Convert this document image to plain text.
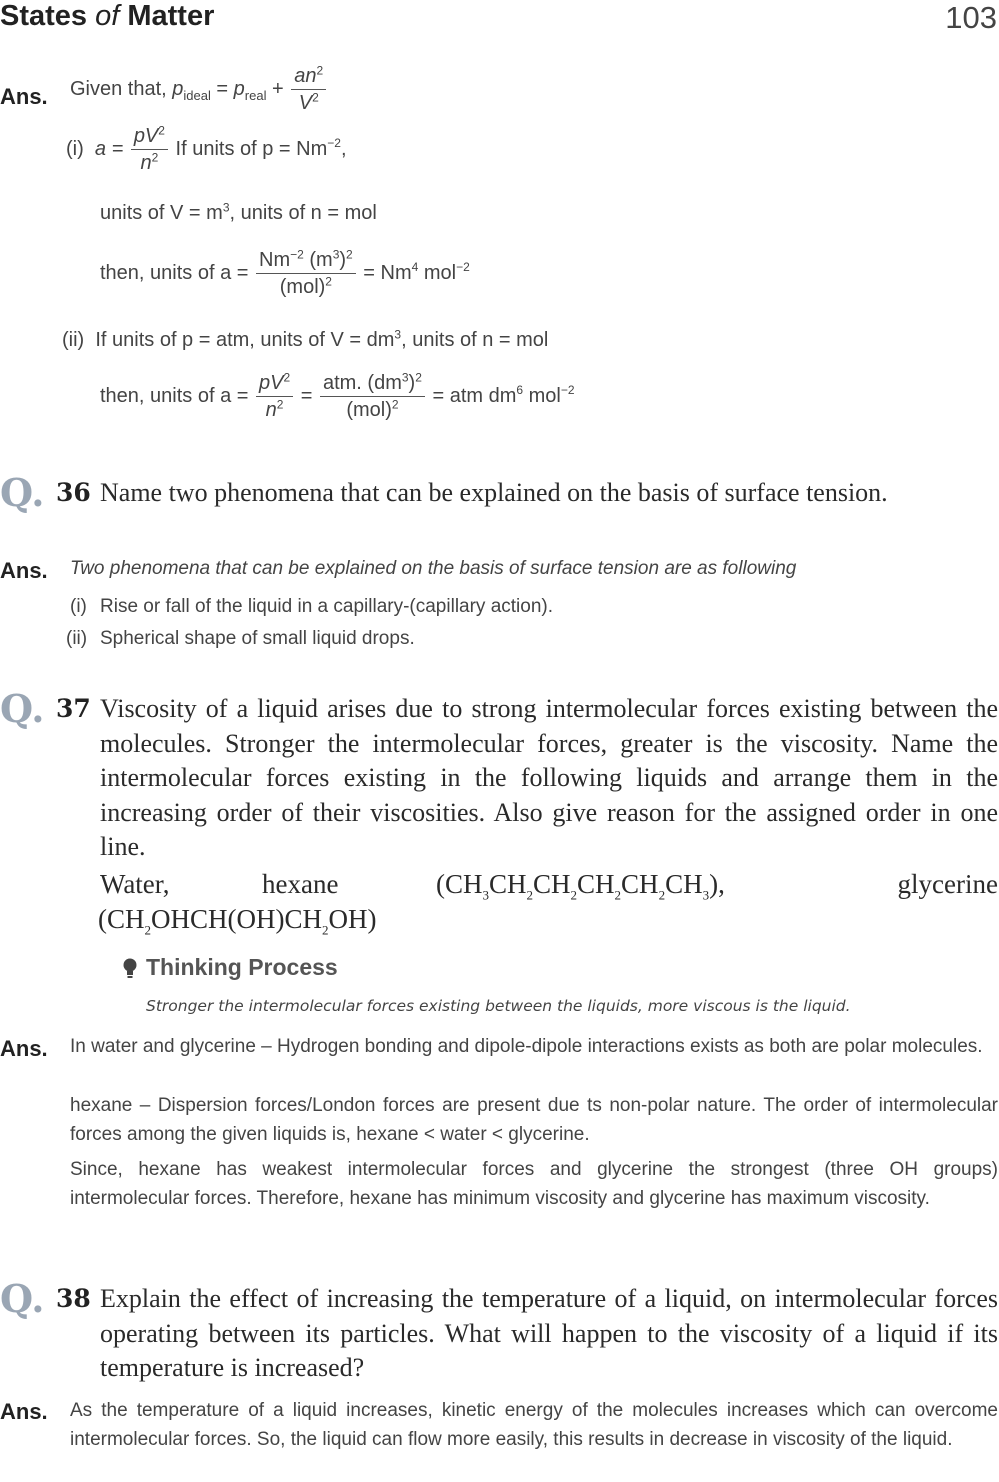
States of Matter	103
Ans. Given that, $p_{ideal} = p_{real} + \frac{an^2}{V^2}$
(i) $a = \frac{pV^2}{n^2}$ If units of $p = Nm^{-2}$,
units of $V = m^3$, units of n = mol
then, units of $a = \frac{Nm^{-2} (m^3)^2}{(mol)^2} = Nm^4$ mol$^{-2}$
(ii) If units of p = atm, units of $V = dm^3$, units of n = mol
then, units of $a = \frac{pV^2}{n^2} = \frac{atm. (dm^3)^2}{(mol)^2}$ = atm $dm^6$ mol$^{-2}$
Q. 36 Name two phenomena that can be explained on the basis of surface tension.
Ans. Two phenomena that can be explained on the basis of surface tension are as following
(i) Rise or fall of the liquid in a capillary-(capillary action).
(ii) Spherical shape of small liquid drops.
Q. 37 Viscosity of a liquid arises due to strong intermolecular forces existing between the molecules. Stronger the intermolecular forces, greater is the viscosity. Name the intermolecular forces existing in the following liquids and arrange them in the increasing order of their viscosities. Also give reason for the assigned order in one line.
Water,	hexane	$(CH_3CH_2CH_2CH_2CH_2CH_3)$,	glycerine
$(CH_2OHCH(OH)CH_2OH)$
Thinking Process
Stronger the intermolecular forces existing between the liquids, more viscous is the liquid.
Ans. In water and glycerine – Hydrogen bonding and dipole-dipole interactions exists as both are polar molecules.
hexane – Dispersion forces/London forces are present due ts non-polar nature. The order of intermolecular forces among the given liquids is, hexane < water < glycerine.
Since, hexane has weakest intermolecular forces and glycerine the strongest (three OH groups) intermolecular forces. Therefore, hexane has minimum viscosity and glycerine has maximum viscosity.
Q. 38 Explain the effect of increasing the temperature of a liquid, on intermolecular forces operating between its particles. What will happen to the viscosity of a liquid if its temperature is increased?
Ans. As the temperature of a liquid increases, kinetic energy of the molecules increases which can overcome intermolecular forces. So, the liquid can flow more easily, this results in decrease in viscosity of the liquid.
